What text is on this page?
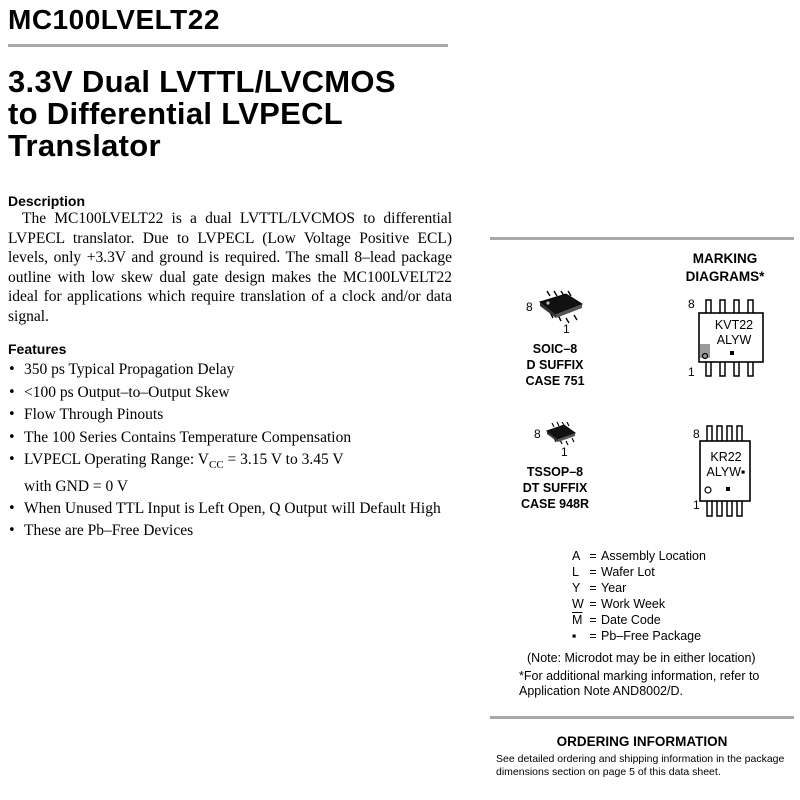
MC100LVELT22
3.3V Dual LVTTL/LVCMOS
to Differential LVPECL
Translator
Description
The MC100LVELT22 is a dual LVTTL/LVCMOS to differential LVPECL translator. Due to LVPECL (Low Voltage Positive ECL) levels, only +3.3V and ground is required. The small 8–lead package outline with low skew dual gate design makes the MC100LVELT22 ideal for applications which require translation of a clock and/or data signal.
Features
• 350 ps Typical Propagation Delay
• <100 ps Output–to–Output Skew
• Flow Through Pinouts
• The 100 Series Contains Temperature Compensation
• LVPECL Operating Range: $V_{CC} = 3.15$ V to 3.45 V
with GND = 0 V
• When Unused TTL Input is Left Open, Q Output will Default High
• These are Pb–Free Devices
MARKING
DIAGRAMS*
8
1
SOIC–8
D SUFFIX
CASE 751
8
1
KVT22
ALYW
8
1
TSSOP–8
DT SUFFIX
CASE 948R
8
1
KR22
ALYW▪
A	=	Assembly Location
L	=	Wafer Lot
Y	=	Year
W	=	Work Week
$\overline{M}$	=	Date Code
▪	=	Pb–Free Package
(Note: Microdot may be in either location)
*For additional marking information, refer to Application Note AND8002/D.
ORDERING INFORMATION
See detailed ordering and shipping information in the package dimensions section on page 5 of this data sheet.
